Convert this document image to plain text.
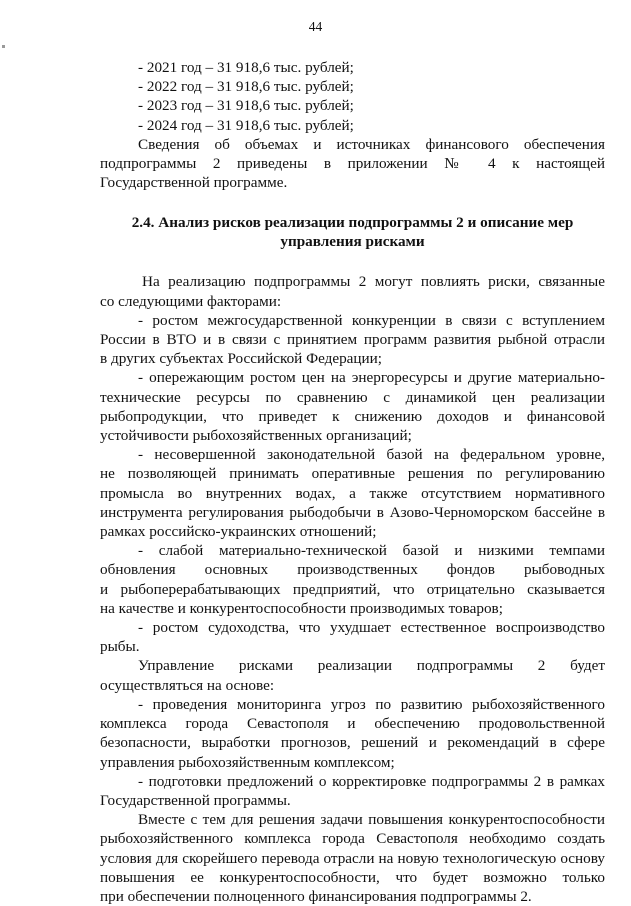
44
- 2021 год – 31 918,6 тыс. рублей;
- 2022 год – 31 918,6 тыс. рублей;
- 2023 год – 31 918,6 тыс. рублей;
- 2024 год – 31 918,6 тыс. рублей;
Сведения об объемах и источниках финансового обеспечения
подпрограммы 2 приведены в приложении № 4 к настоящей
Государственной программе.
2.4. Анализ рисков реализации подпрограммы 2 и описание мер
управления рисками
На реализацию подпрограммы 2 могут повлиять риски, связанные
со следующими факторами:
- ростом межгосударственной конкуренции в связи с вступлением
России в ВТО и в связи с принятием программ развития рыбной отрасли
в других субъектах Российской Федерации;
- опережающим ростом цен на энергоресурсы и другие материально-
технические ресурсы по сравнению с динамикой цен реализации
рыбопродукции, что приведет к снижению доходов и финансовой
устойчивости рыбохозяйственных организаций;
- несовершенной законодательной базой на федеральном уровне,
не позволяющей принимать оперативные решения по регулированию
промысла во внутренних водах, а также отсутствием нормативного
инструмента регулирования рыбодобычи в Азово-Черноморском бассейне в
рамках российско-украинских отношений;
- слабой материально-технической базой и низкими темпами
обновления основных производственных фондов рыбоводных
и рыбоперерабатывающих предприятий, что отрицательно сказывается
на качестве и конкурентоспособности производимых товаров;
- ростом судоходства, что ухудшает естественное воспроизводство
рыбы.
Управление рисками реализации подпрограммы 2 будет
осуществляться на основе:
- проведения мониторинга угроз по развитию рыбохозяйственного
комплекса города Севастополя и обеспечению продовольственной
безопасности, выработки прогнозов, решений и рекомендаций в сфере
управления рыбохозяйственным комплексом;
- подготовки предложений о корректировке подпрограммы 2 в рамках
Государственной программы.
Вместе с тем для решения задачи повышения конкурентоспособности
рыбохозяйственного комплекса города Севастополя необходимо создать
условия для скорейшего перевода отрасли на новую технологическую основу
повышения ее конкурентоспособности, что будет возможно только
при обеспечении полноценного финансирования подпрограммы 2.
